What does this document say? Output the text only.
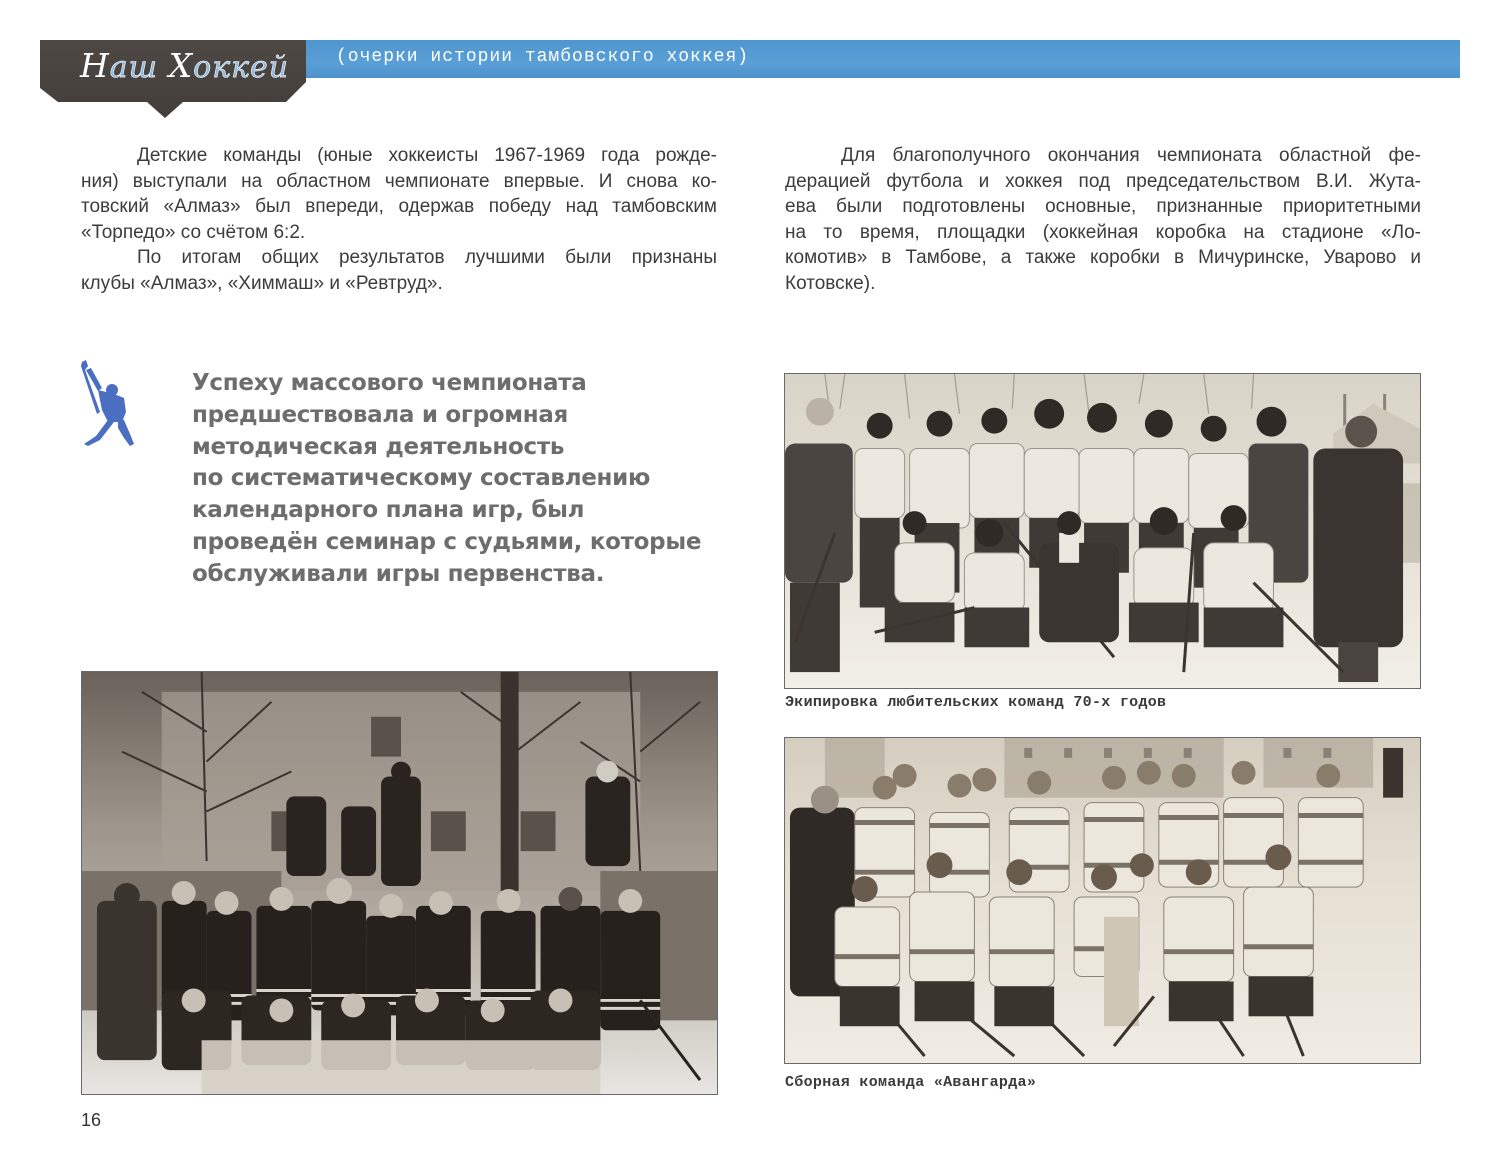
Наш Хоккей	(очерки истории тамбовского хоккея)
Детские команды (юные хоккеисты 1967-1969 года рожде-
ния) выступали на областном чемпионате впервые. И снова ко-
товский «Алмаз» был впереди, одержав победу над тамбовским
«Торпедо» со счётом 6:2.
По итогам общих результатов лучшими были признаны
клубы «Алмаз», «Химмаш» и «Ревтруд».
Для благополучного окончания чемпионата областной фе-
дерацией футбола и хоккея под председательством В.И. Жута-
ева были подготовлены основные, признанные приоритетными
на то время, площадки (хоккейная коробка на стадионе «Ло-
комотив» в Тамбове, а также коробки в Мичуринске, Уварово и
Котовске).
Успеху массового чемпионата
предшествовала и огромная
методическая деятельность
по систематическому составлению
календарного плана игр, был
проведён семинар с судьями, которые
обслуживали игры первенства.
Экипировка любительских команд 70-х годов
Сборная команда «Авангарда»
16
